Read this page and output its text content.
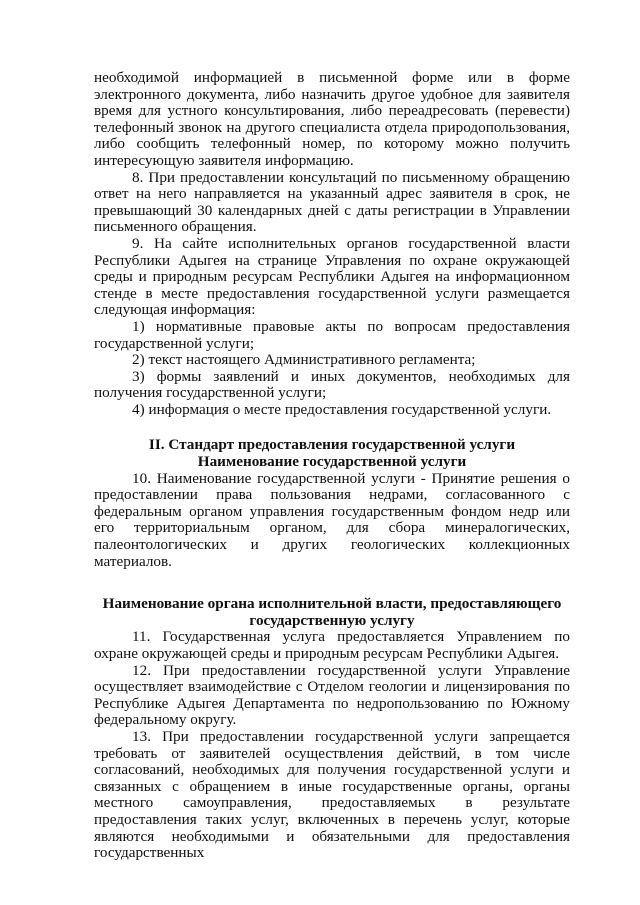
необходимой информацией в письменной форме или в форме электронного документа, либо назначить другое удобное для заявителя время для устного консультирования, либо переадресовать (перевести) телефонный звонок на другого специалиста отдела природопользования, либо сообщить телефонный номер, по которому можно получить интересующую заявителя информацию.

8. При предоставлении консультаций по письменному обращению ответ на него направляется на указанный адрес заявителя в срок, не превышающий 30 календарных дней с даты регистрации в Управлении письменного обращения.

9. На сайте исполнительных органов государственной власти Республики Адыгея на странице Управления по охране окружающей среды и природным ресурсам Республики Адыгея на информационном стенде в месте предоставления государственной услуги размещается следующая информация:

1) нормативные правовые акты по вопросам предоставления государственной услуги;

2) текст настоящего Административного регламента;

3) формы заявлений и иных документов, необходимых для получения государственной услуги;

4) информация о месте предоставления государственной услуги.

II. Стандарт предоставления государственной услуги
Наименование государственной услуги

10. Наименование государственной услуги - Принятие решения о предоставлении права пользования недрами, согласованного с федеральным органом управления государственным фондом недр или его территориальным органом, для сбора минералогических, палеонтологических и других геологических коллекционных материалов.

Наименование органа исполнительной власти, предоставляющего государственную услугу

11. Государственная услуга предоставляется Управлением по охране окружающей среды и природным ресурсам Республики Адыгея.

12. При предоставлении государственной услуги Управление осуществляет взаимодействие с Отделом геологии и лицензирования по Республике Адыгея Департамента по недропользованию по Южному федеральному округу.

13. При предоставлении государственной услуги запрещается требовать от заявителей осуществления действий, в том числе согласований, необходимых для получения государственной услуги и связанных с обращением в иные государственные органы, органы местного самоуправления, предоставляемых в результате предоставления таких услуг, включенных в перечень услуг, которые являются необходимыми и обязательными для предоставления государственных
